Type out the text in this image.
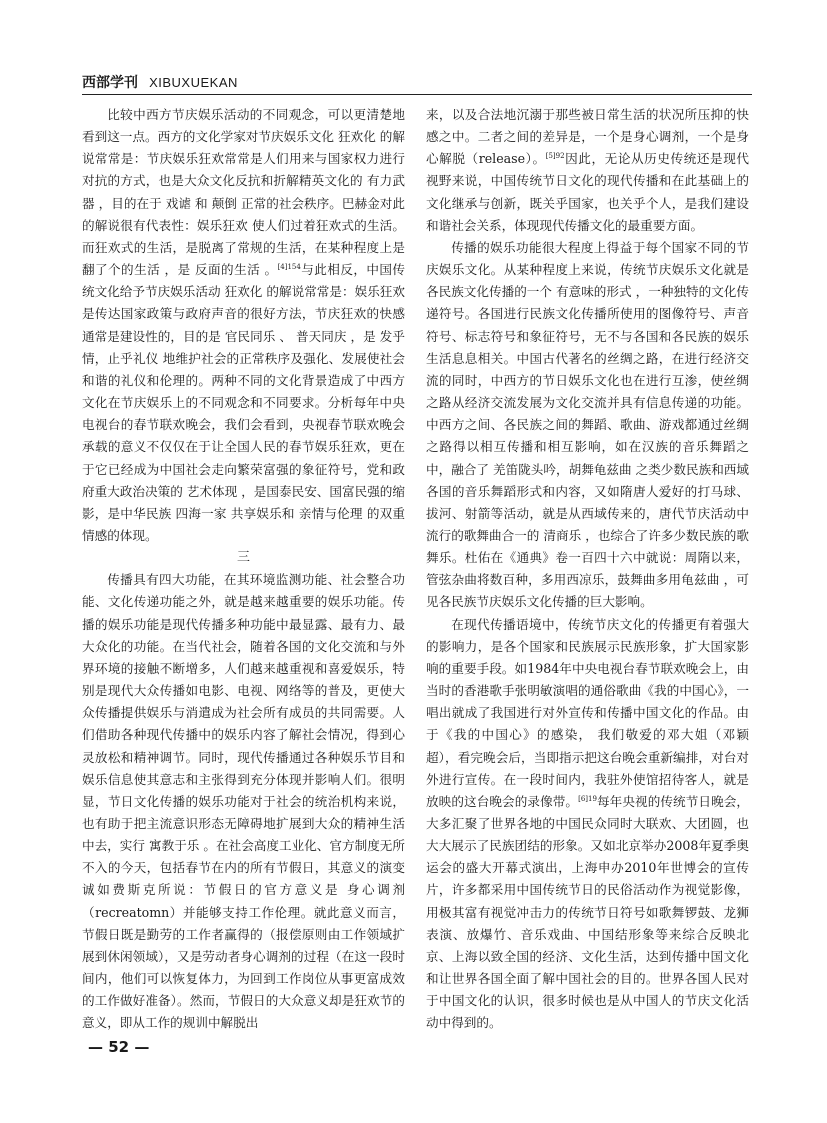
西部学刊 XIBUXUEKAN

比较中西方节庆娱乐活动的不同观念，可以更清楚地看到这一点。西方的文化学家对节庆娱乐文化 狂欢化 的解说常常是：节庆娱乐狂欢常常是人们用来与国家权力进行对抗的方式，也是大众文化反抗和折解精英文化的 有力武器 ，目的在于 戏谑 和 颠倒 正常的社会秩序。巴赫金对此的解说很有代表性：娱乐狂欢 使人们过着狂欢式的生活。而狂欢式的生活，是脱离了常规的生活，在某种程度上是 翻了个的生活 ，是 反面的生活 。$^{[4]154}$与此相反，中国传统文化给予节庆娱乐活动 狂欢化 的解说常常是：娱乐狂欢是传达国家政策与政府声音的很好方法，节庆狂欢的快感通常是建设性的，目的是 官民同乐 、 普天同庆 ，是 发乎情，止乎礼仪 地维护社会的正常秩序及强化、发展使社会和谐的礼仪和伦理的。两种不同的文化背景造成了中西方文化在节庆娱乐上的不同观念和不同要求。分析每年中央电视台的春节联欢晚会，我们会看到，央视春节联欢晚会承载的意义不仅仅在于让全国人民的春节娱乐狂欢，更在于它已经成为中国社会走向繁荣富强的象征符号，党和政府重大政治决策的 艺术体现 ，是国泰民安、国富民强的缩影，是中华民族 四海一家 共享娱乐和 亲情与伦理 的双重情感的体现。

三

传播具有四大功能，在其环境监测功能、社会整合功能、文化传递功能之外，就是越来越重要的娱乐功能。传播的娱乐功能是现代传播多种功能中最显露、最有力、最大众化的功能。在当代社会，随着各国的文化交流和与外界环境的接触不断增多，人们越来越重视和喜爱娱乐，特别是现代大众传播如电影、电视、网络等的普及，更使大众传播提供娱乐与消遣成为社会所有成员的共同需要。人们借助各种现代传播中的娱乐内容了解社会情况，得到心灵放松和精神调节。同时，现代传播通过各种娱乐节目和娱乐信息使其意志和主张得到充分体现并影响人们。很明显，节日文化传播的娱乐功能对于社会的统治机构来说，也有助于把主流意识形态无障碍地扩展到大众的精神生活中去，实行 寓教于乐 。在社会高度工业化、官方制度无所不入的今天，包括春节在内的所有节假日，其意义的演变诚如费斯克所说：节假日的官方意义是 身心调剂 （recreatomn）并能够支持工作伦理。就此意义而言，节假日既是勤劳的工作者赢得的（报偿原则由工作领域扩展到休闲领域），又是劳动者身心调剂的过程（在这一段时间内，他们可以恢复体力，为回到工作岗位从事更富成效的工作做好准备）。然而，节假日的大众意义却是狂欢节的意义，即从工作的规训中解脱出

来，以及合法地沉溺于那些被日常生活的状况所压抑的快感之中。二者之间的差异是，一个是身心调剂，一个是身心解脱（release）。$^{[5]92}$因此，无论从历史传统还是现代视野来说，中国传统节日文化的现代传播和在此基础上的文化继承与创新，既关乎国家，也关乎个人，是我们建设和谐社会关系，体现现代传播文化的最重要方面。

传播的娱乐功能很大程度上得益于每个国家不同的节庆娱乐文化。从某种程度上来说，传统节庆娱乐文化就是各民族文化传播的一个 有意味的形式 ，一种独特的文化传递符号。各国进行民族文化传播所使用的图像符号、声音符号、标志符号和象征符号，无不与各国和各民族的娱乐生活息息相关。中国古代著名的丝绸之路，在进行经济交流的同时，中西方的节日娱乐文化也在进行互渗，使丝绸之路从经济交流发展为文化交流并具有信息传递的功能。中西方之间、各民族之间的舞蹈、歌曲、游戏都通过丝绸之路得以相互传播和相互影响，如在汉族的音乐舞蹈之中，融合了 羌笛陇头吟，胡舞龟兹曲 之类少数民族和西域各国的音乐舞蹈形式和内容，又如隋唐人爱好的打马球、拔河、射箭等活动，就是从西域传来的，唐代节庆活动中流行的歌舞曲合一的 清商乐 ，也综合了许多少数民族的歌舞乐。杜佑在《通典》卷一百四十六中就说：周隋以来，管弦杂曲将数百种，多用西凉乐，鼓舞曲多用龟兹曲 ，可见各民族节庆娱乐文化传播的巨大影响。

在现代传播语境中，传统节庆文化的传播更有着强大的影响力，是各个国家和民族展示民族形象，扩大国家影响的重要手段。如1984年中央电视台春节联欢晚会上，由当时的香港歌手张明敏演唱的通俗歌曲《我的中国心》，一唱出就成了我国进行对外宣传和传播中国文化的作品。由于《我的中国心》的感染， 我们敬爱的邓大姐（邓颖超），看完晚会后，当即指示把这台晚会重新编排，对台对外进行宣传。在一段时间内，我驻外使馆招待客人，就是放映的这台晚会的录像带。$^{[6]19}$每年央视的传统节日晚会，大多汇聚了世界各地的中国民众同时大联欢、大团圆，也大大展示了民族团结的形象。又如北京举办2008年夏季奥运会的盛大开幕式演出，上海申办2010年世博会的宣传片，许多都采用中国传统节日的民俗活动作为视觉影像，用极其富有视觉冲击力的传统节日符号如歌舞锣鼓、龙狮表演、放爆竹、音乐戏曲、中国结形象等来综合反映北京、上海以致全国的经济、文化生活，达到传播中国文化和让世界各国全面了解中国社会的目的。世界各国人民对于中国文化的认识，很多时候也是从中国人的节庆文化活动中得到的。

— 52 —
